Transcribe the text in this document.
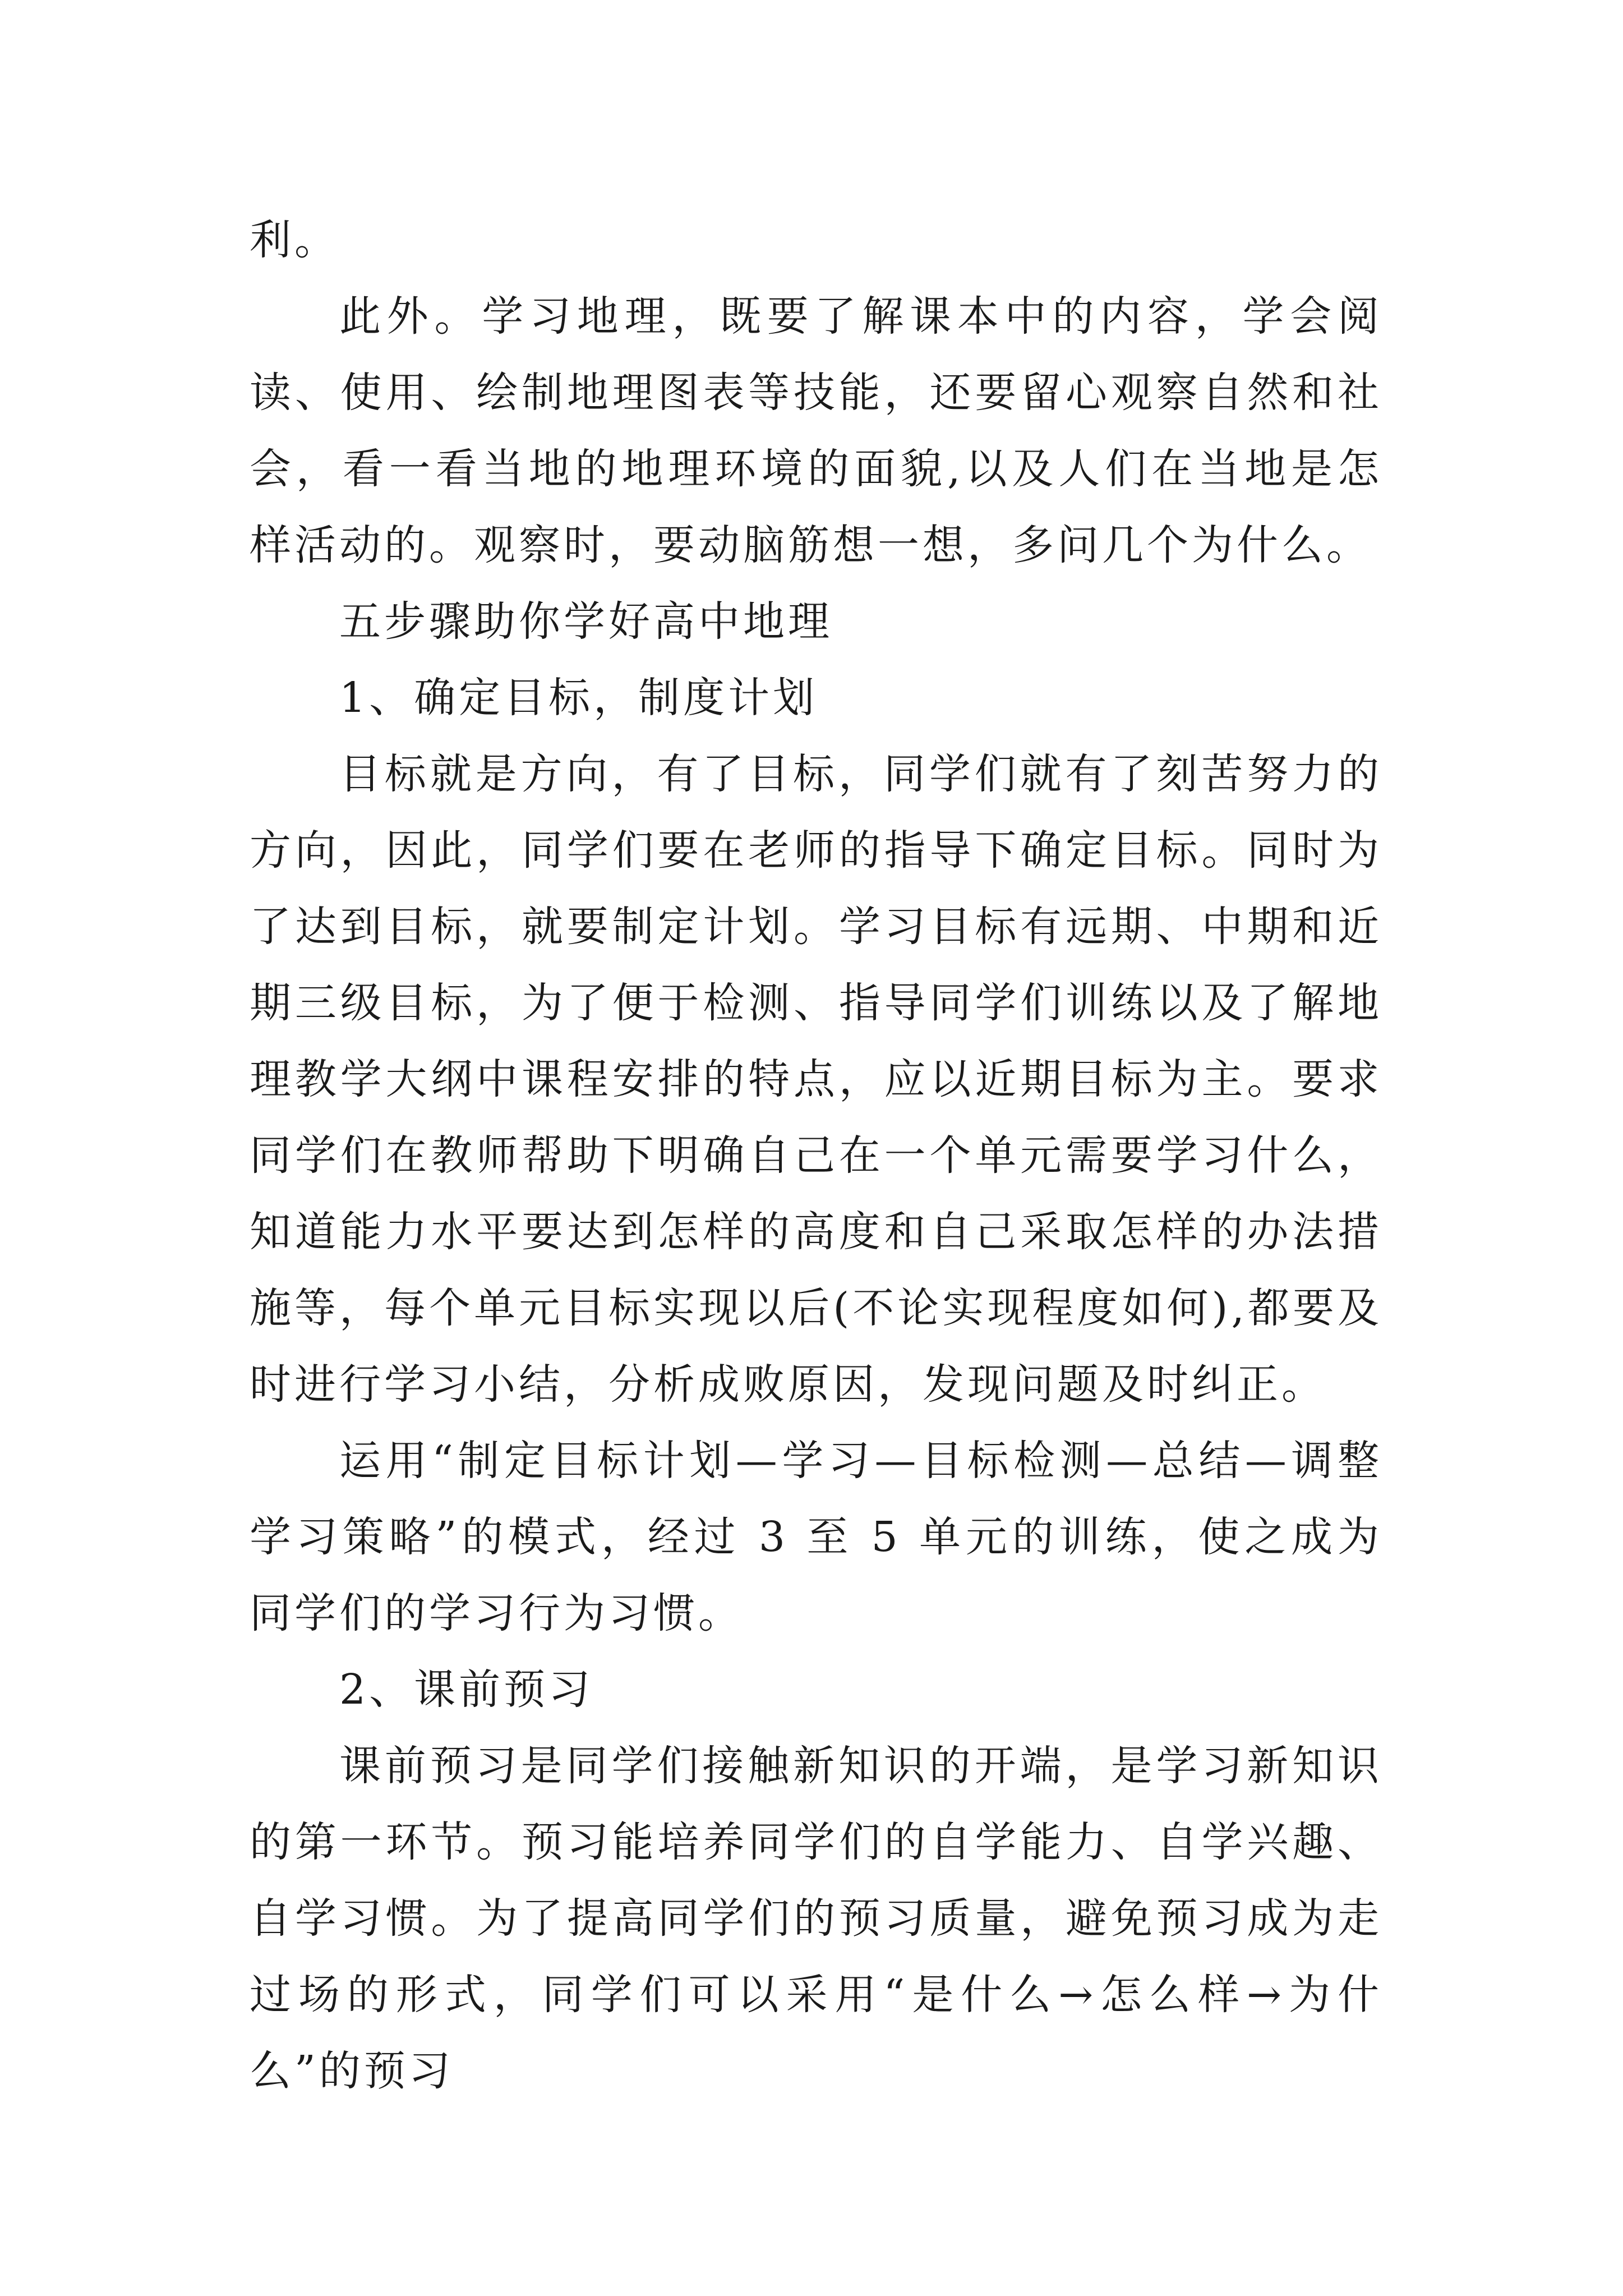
利。

此外。学习地理，既要了解课本中的内容，学会阅读、使用、绘制地理图表等技能，还要留心观察自然和社会，看一看当地的地理环境的面貌,以及人们在当地是怎样活动的。观察时，要动脑筋想一想，多问几个为什么。

五步骤助你学好高中地理

1、确定目标，制度计划

目标就是方向，有了目标，同学们就有了刻苦努力的方向，因此，同学们要在老师的指导下确定目标。同时为了达到目标，就要制定计划。学习目标有远期、中期和近期三级目标，为了便于检测、指导同学们训练以及了解地理教学大纲中课程安排的特点，应以近期目标为主。要求同学们在教师帮助下明确自己在一个单元需要学习什么，知道能力水平要达到怎样的高度和自己采取怎样的办法措施等，每个单元目标实现以后(不论实现程度如何),都要及时进行学习小结，分析成败原因，发现问题及时纠正。

运用“制定目标计划—学习—目标检测—总结—调整学习策略”的模式，经过 3 至 5 单元的训练，使之成为同学们的学习行为习惯。

2、课前预习

课前预习是同学们接触新知识的开端，是学习新知识的第一环节。预习能培养同学们的自学能力、自学兴趣、自学习惯。为了提高同学们的预习质量，避免预习成为走过场的形式，同学们可以采用“是什么→怎么样→为什么”的预习
